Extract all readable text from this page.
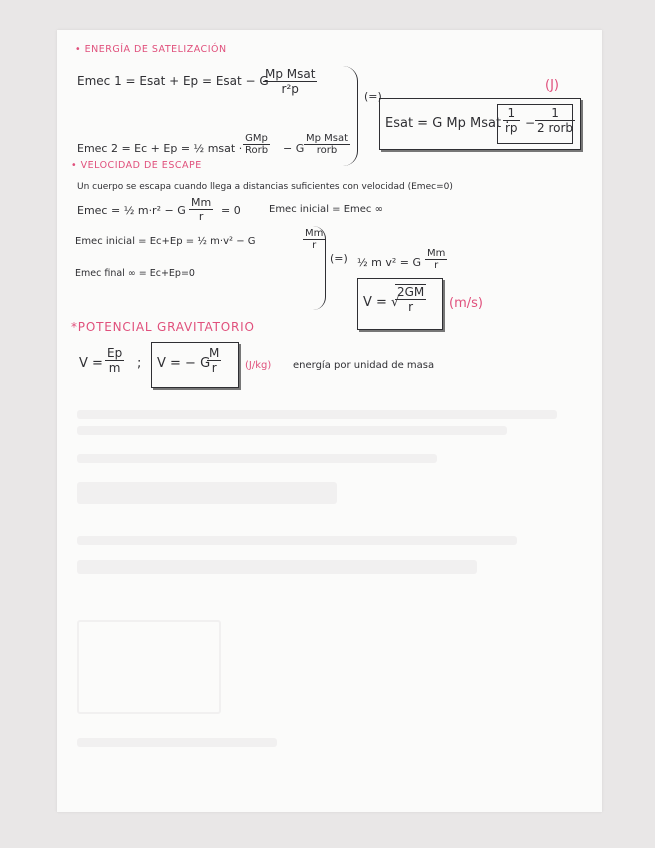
• ENERGÍA DE SATELIZACIÓN
Emec 1 = Esat + Ep = Esat − G
Mp Msat
r²p
Emec 2 = Ec + Ep = ½ msat ·
GMp
Rorb − G
Mp Msat
rorb
(=)
(J)
Esat = G Mp Msat ·
$\frac{1}{rp}$ −
1
2 rorb
• VELOCIDAD DE ESCAPE
Un cuerpo se escapa cuando llega a distancias suficientes con velocidad (Emec=0)
Emec = ½ m·r² − G $\frac{Mm}{r} = 0$	Emec inicial = Emec ∞
Emec inicial = Ec+Ep = ½ m·v² − G	$\frac{Mm}{r}$
Emec final ∞ = Ec+Ep=0
(=) ½ m v² = G $\frac{Mm}{r}$
V = √
$\frac{2GM}{r} (m/s)$
*POTENCIAL GRAVITATORIO
$V = \frac{Ep}{m}$ ; V = − G
$\frac{M}{r} (J/kg)$ energía por unidad de masa
